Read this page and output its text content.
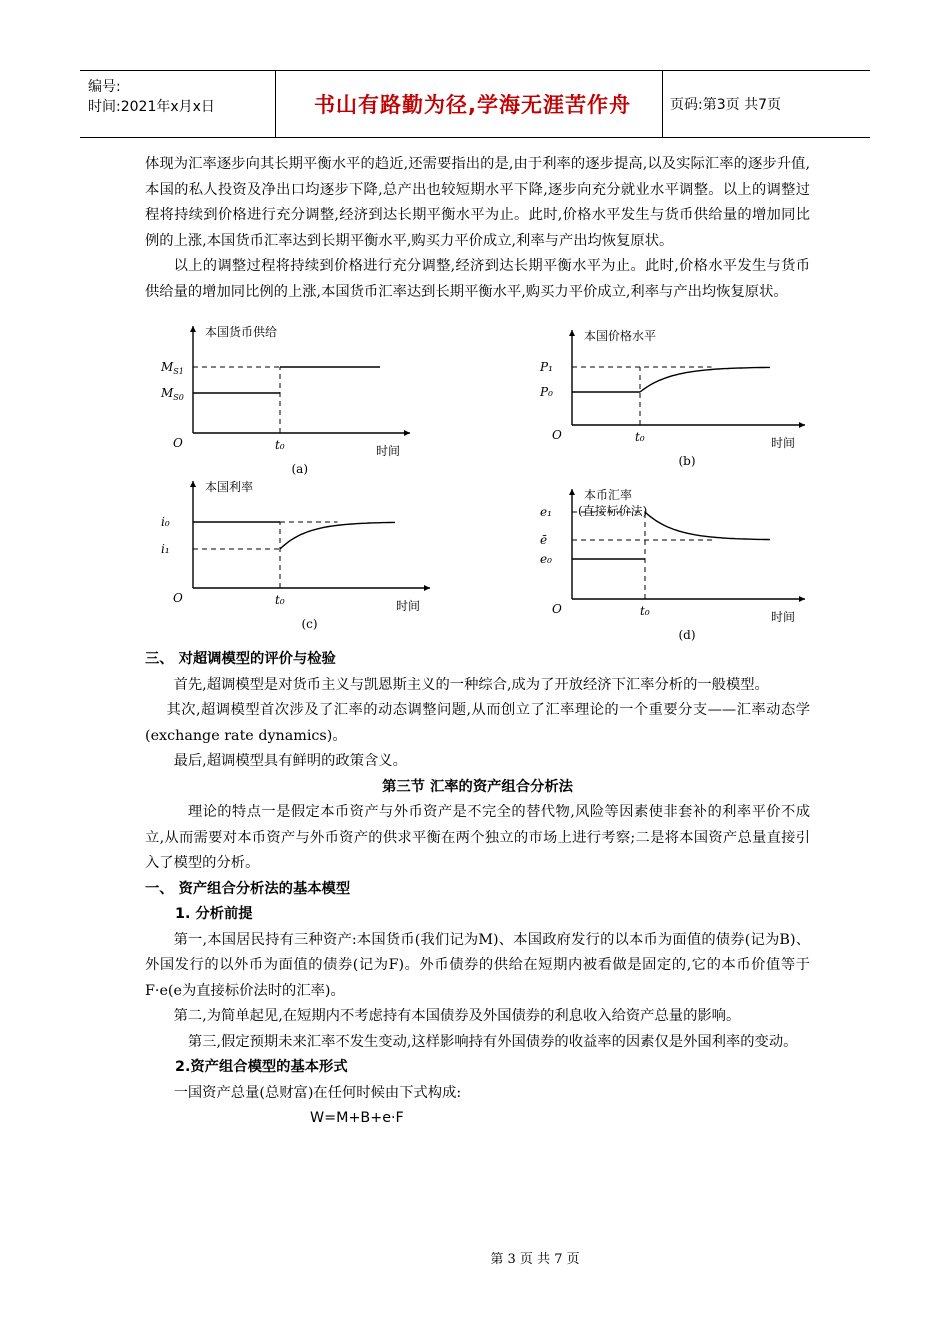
编号:
时间:2021年x月x日	书山有路勤为径,学海无涯苦作舟	页码:第3页 共7页

体现为汇率逐步向其长期平衡水平的趋近,还需要指出的是,由于利率的逐步提高,以及实际汇率的逐步升值,本国的私人投资及净出口均逐步下降,总产出也较短期水平下降,逐步向充分就业水平调整。以上的调整过程将持续到价格进行充分调整,经济到达长期平衡水平为止。此时,价格水平发生与货币供给量的增加同比例的上涨,本国货币汇率达到长期平衡水平,购买力平价成立,利率与产出均恢复原状。

以上的调整过程将持续到价格进行充分调整,经济到达长期平衡水平为止。此时,价格水平发生与货币供给量的增加同比例的上涨,本国货币汇率达到长期平衡水平,购买力平价成立,利率与产出均恢复原状。

本国货币供给
时间
O	t₀
(a)
$M_{S1}$
$M_{S0}$
本国价格水平
时间
O	t₀
(b)
P₁
P₀
本国利率
时间
O	t₀
(c)
i₀
i₁
本币汇率
(直接标价法)
时间
O	t₀
(d)
e₁
ē
e₀

三、 对超调模型的评价与检验

首先,超调模型是对货币主义与凯恩斯主义的一种综合,成为了开放经济下汇率分析的一般模型。

其次,超调模型首次涉及了汇率的动态调整问题,从而创立了汇率理论的一个重要分支——汇率动态学(exchange rate dynamics)。

最后,超调模型具有鲜明的政策含义。

第三节 汇率的资产组合分析法

理论的特点一是假定本币资产与外币资产是不完全的替代物,风险等因素使非套补的利率平价不成立,从而需要对本币资产与外币资产的供求平衡在两个独立的市场上进行考察;二是将本国资产总量直接引入了模型的分析。

一、 资产组合分析法的基本模型

1. 分析前提

第一,本国居民持有三种资产:本国货币(我们记为M)、本国政府发行的以本币为面值的债券(记为B)、外国发行的以外币为面值的债券(记为F)。外币债券的供给在短期内被看做是固定的,它的本币价值等于F·e(e为直接标价法时的汇率)。

第二,为简单起见,在短期内不考虑持有本国债券及外国债券的利息收入给资产总量的影响。

第三,假定预期未来汇率不发生变动,这样影响持有外国债券的收益率的因素仅是外国利率的变动。

2.资产组合模型的基本形式

一国资产总量(总财富)在任何时候由下式构成:

W=M+B+e·F

第 3 页 共 7 页
